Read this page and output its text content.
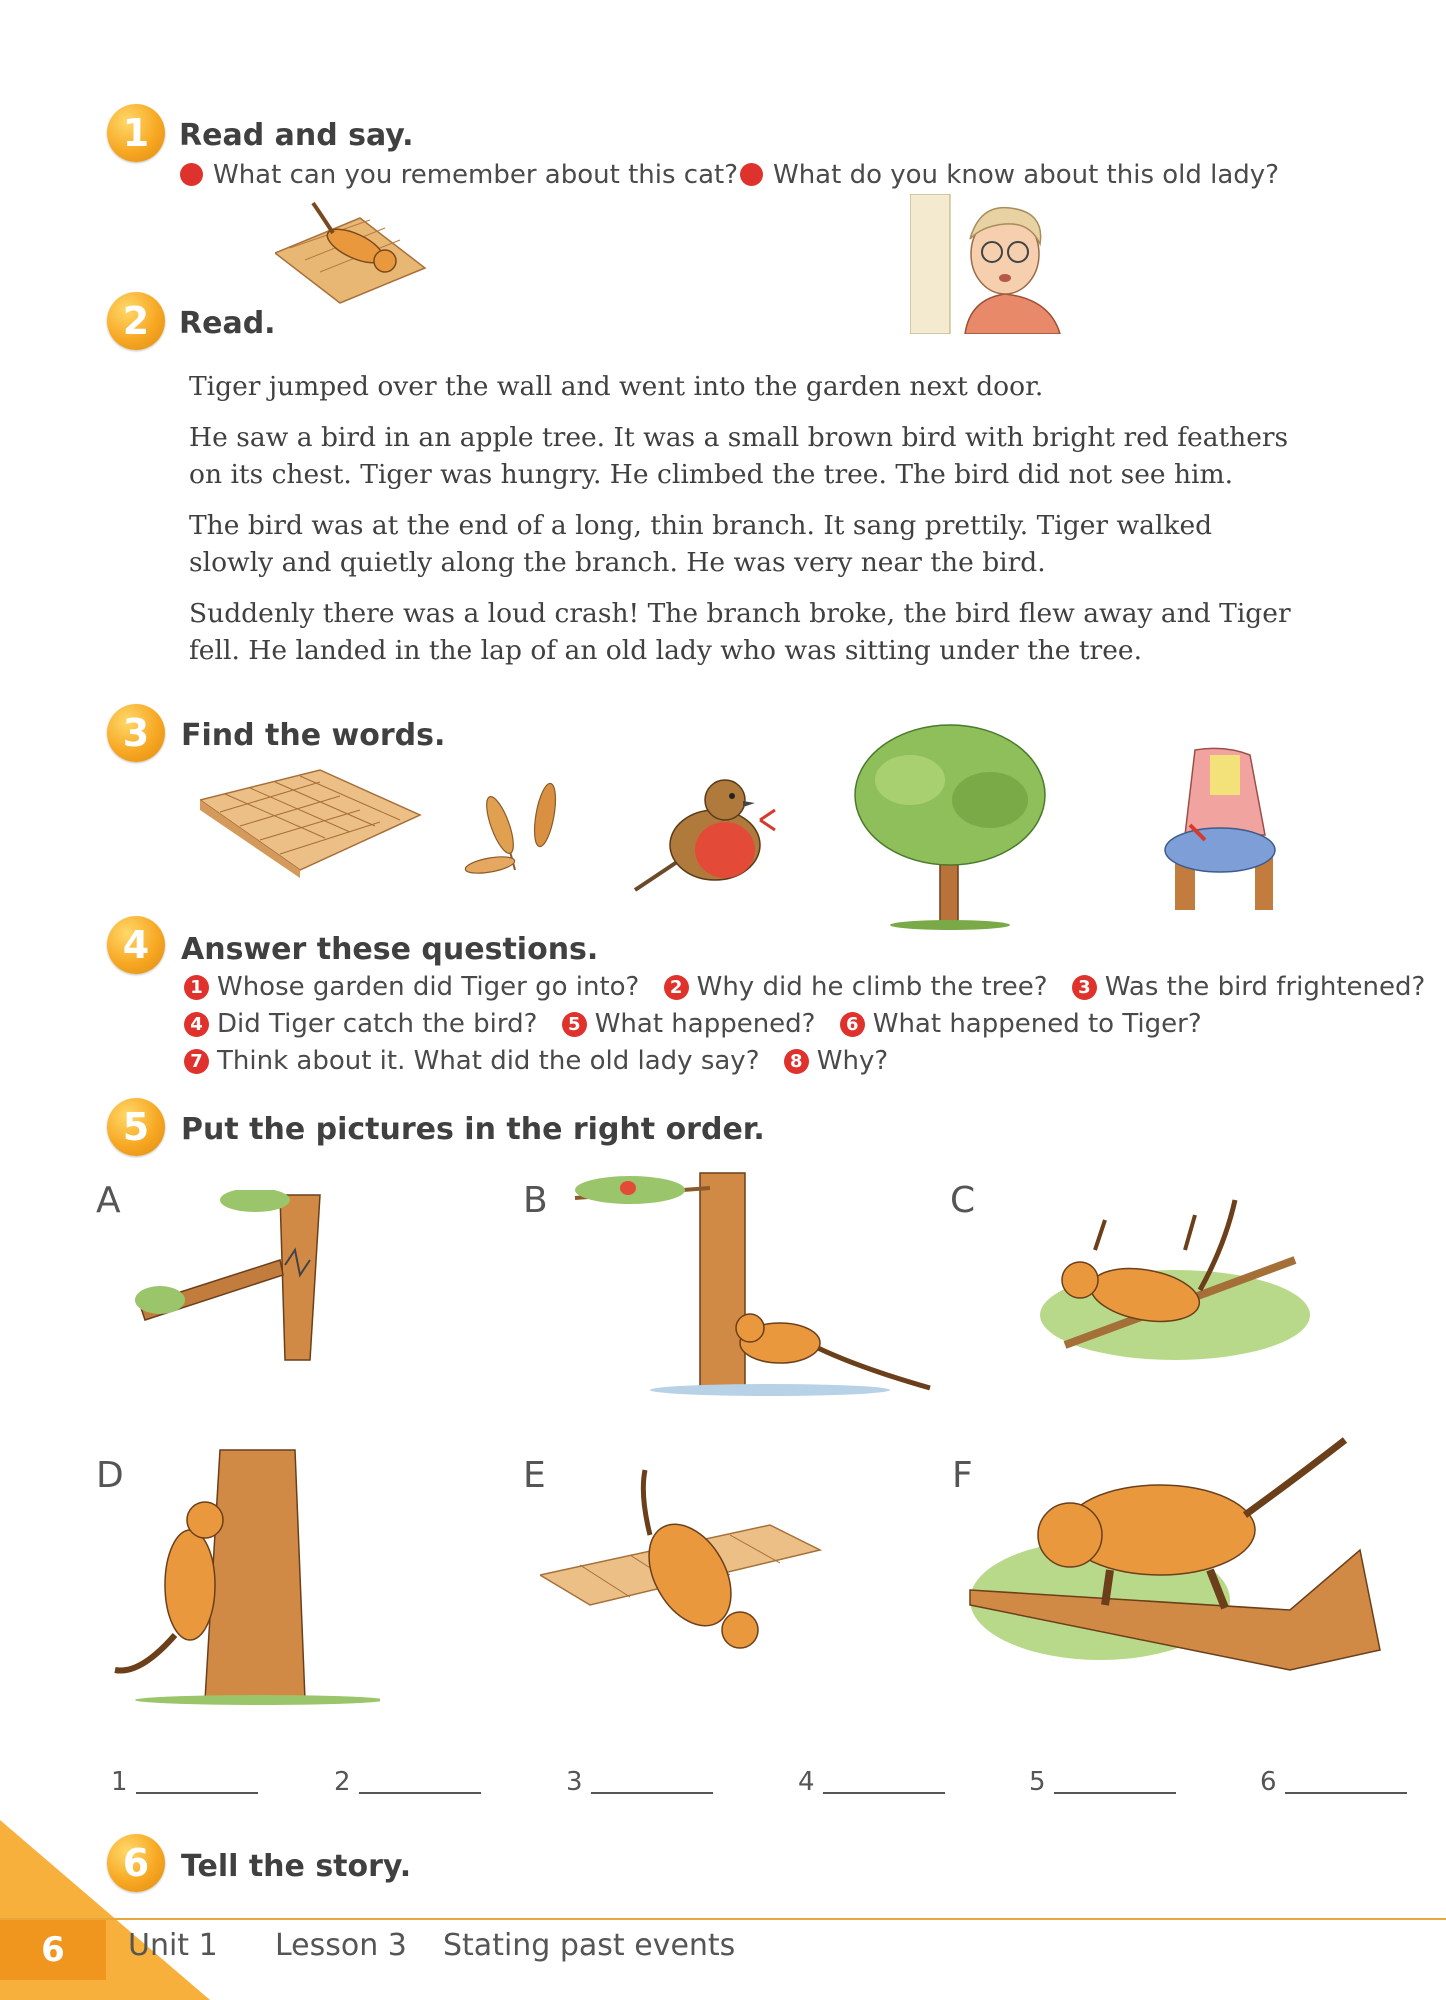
1 Read and say.
What can you remember about this cat?	What do you know about this old lady?
2 Read.

Tiger jumped over the wall and went into the garden next door.

He saw a bird in an apple tree. It was a small brown bird with bright red feathers on its chest. Tiger was hungry. He climbed the tree. The bird did not see him.

The bird was at the end of a long, thin branch. It sang prettily. Tiger walked slowly and quietly along the branch. He was very near the bird.

Suddenly there was a loud crash! The branch broke, the bird flew away and Tiger fell. He landed in the lap of an old lady who was sitting under the tree.

3	Find the words.
4	Answer these questions.
1 Whose garden did Tiger go into? 2 Why did he climb the tree? 3 Was the bird frightened?
4 Did Tiger catch the bird? 5 What happened? 6 What happened to Tiger?
7 Think about it. What did the old lady say? 8 Why?
5	Put the pictures in the right order.
A	B	C
D	E	F
1	2	3	4	5	6
6	Tell the story.
6	Unit 1 Lesson 3 Stating past events
